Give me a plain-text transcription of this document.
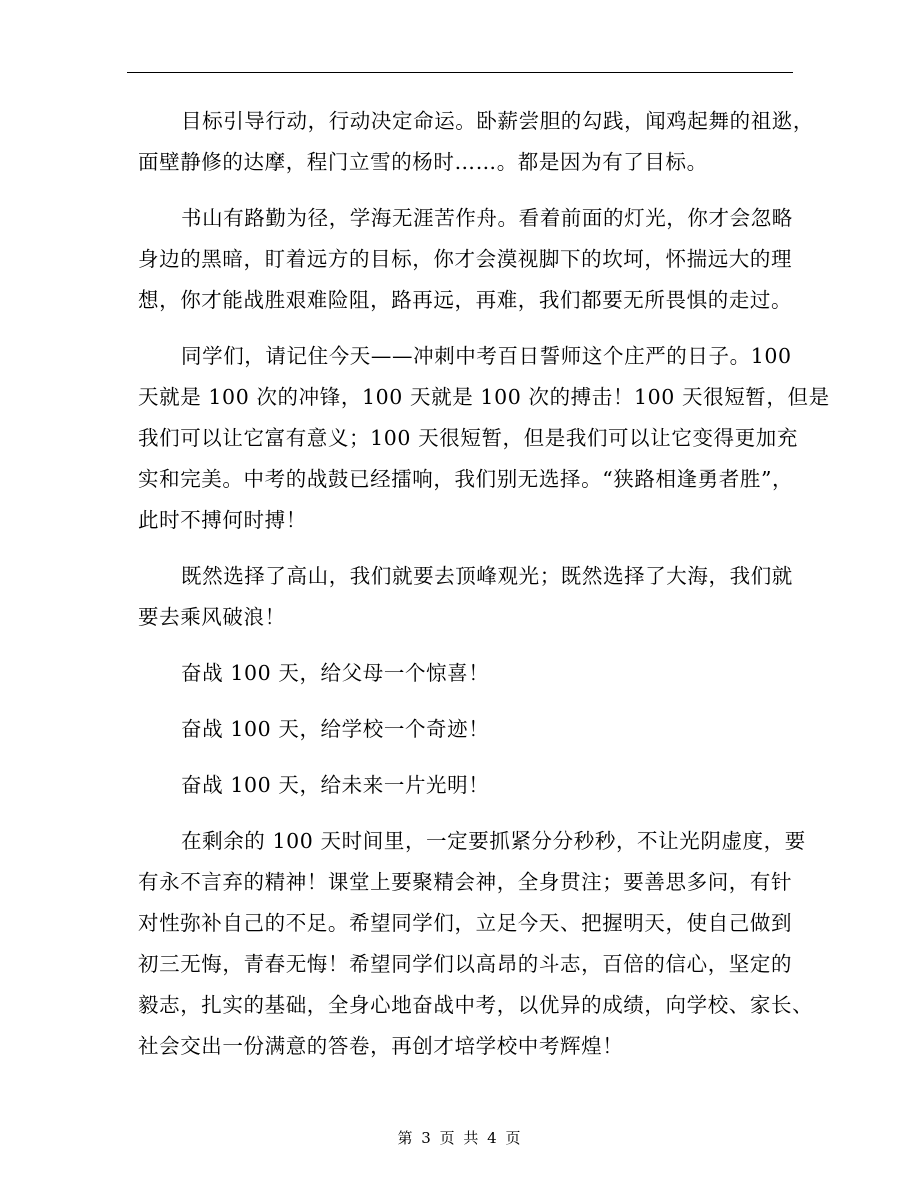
目标引导行动，行动决定命运。卧薪尝胆的勾践，闻鸡起舞的祖逖，
面壁静修的达摩，程门立雪的杨时……。都是因为有了目标。
书山有路勤为径，学海无涯苦作舟。看着前面的灯光，你才会忽略
身边的黑暗，盯着远方的目标，你才会漠视脚下的坎坷，怀揣远大的理
想，你才能战胜艰难险阻，路再远，再难，我们都要无所畏惧的走过。
同学们，请记住今天——冲刺中考百日誓师这个庄严的日子。100
天就是 100 次的冲锋，100 天就是 100 次的搏击！100 天很短暂，但是
我们可以让它富有意义；100 天很短暂，但是我们可以让它变得更加充
实和完美。中考的战鼓已经擂响，我们别无选择。“狭路相逢勇者胜”，
此时不搏何时搏！
既然选择了高山，我们就要去顶峰观光；既然选择了大海，我们就
要去乘风破浪！
奋战 100 天，给父母一个惊喜！
奋战 100 天，给学校一个奇迹！
奋战 100 天，给未来一片光明！
在剩余的 100 天时间里，一定要抓紧分分秒秒，不让光阴虚度，要
有永不言弃的精神！课堂上要聚精会神，全身贯注；要善思多问，有针
对性弥补自己的不足。希望同学们，立足今天、把握明天，使自己做到
初三无悔，青春无悔！希望同学们以高昂的斗志，百倍的信心，坚定的
毅志，扎实的基础，全身心地奋战中考，以优异的成绩，向学校、家长、
社会交出一份满意的答卷，再创才培学校中考辉煌！
第 3 页 共 4 页
